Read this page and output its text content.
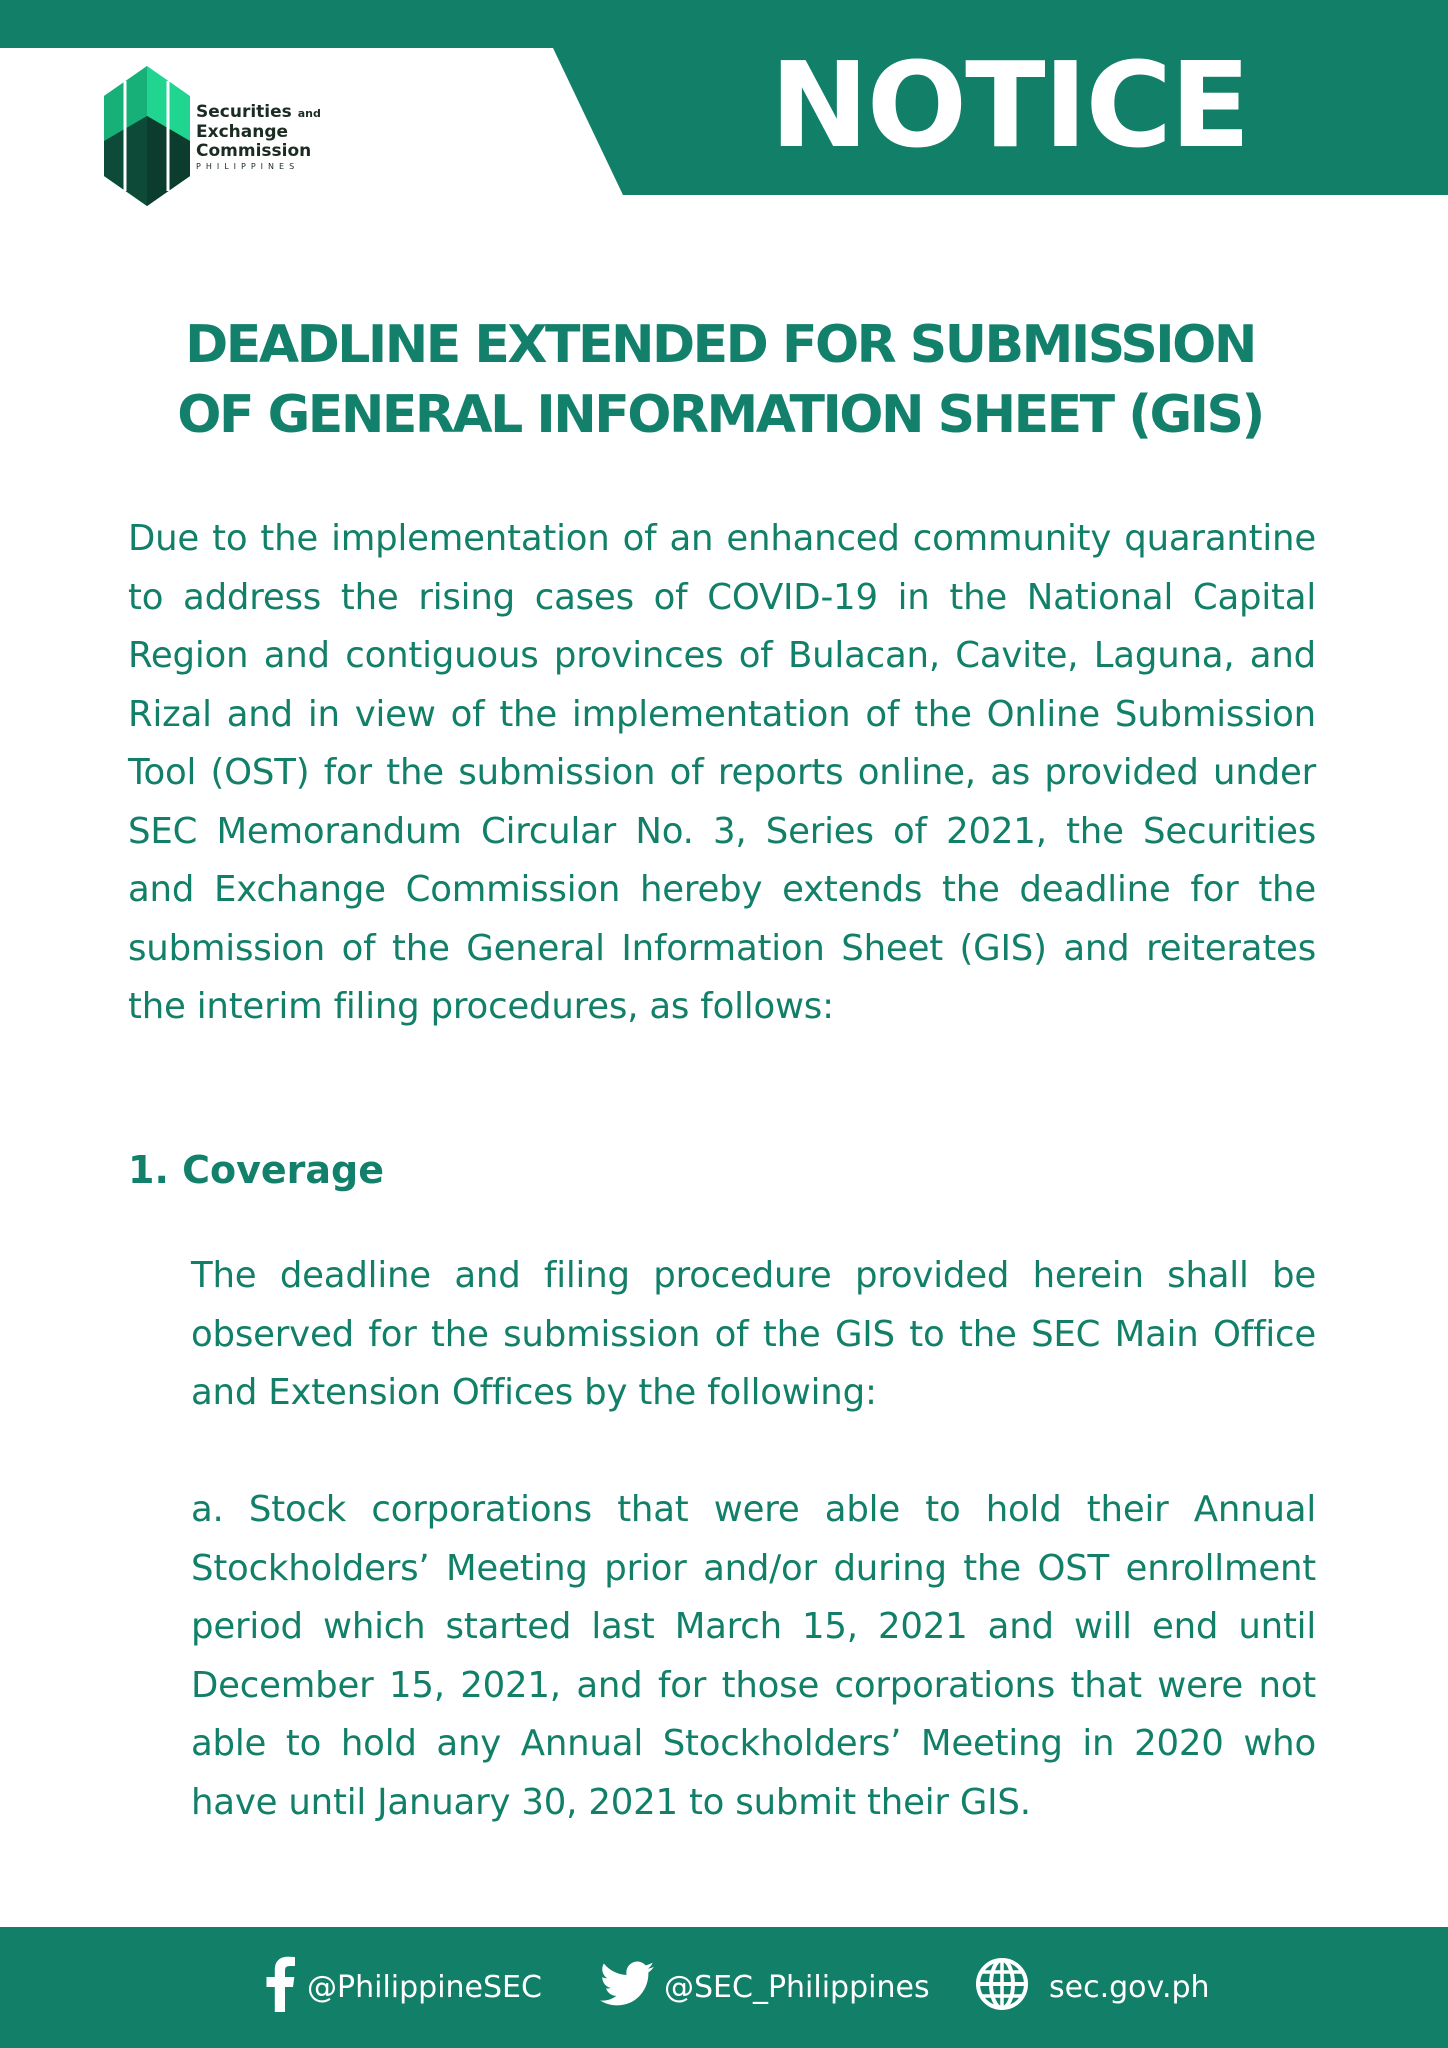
Securities and
Exchange
Commission
PHILIPPINES	NOTICE
DEADLINE EXTENDED FOR SUBMISSION
OF GENERAL INFORMATION SHEET (GIS)
Due to the implementation of an enhanced community quarantine to address the rising cases of COVID-19 in the National Capital Region and contiguous provinces of Bulacan, Cavite, Laguna, and Rizal and in view of the implementation of the Online Submission Tool (OST) for the submission of reports online, as provided under SEC Memorandum Circular No. 3, Series of 2021, the Securities and Exchange Commission hereby extends the deadline for the submission of the General Information Sheet (GIS) and reiterates the interim filing procedures, as follows:
1. Coverage
The deadline and filing procedure provided herein shall be observed for the submission of the GIS to the SEC Main Office and Extension Offices by the following:
a. Stock corporations that were able to hold their Annual Stockholders’ Meeting prior and/or during the OST enrollment period which started last March 15, 2021 and will end until December 15, 2021, and for those corporations that were not able to hold any Annual Stockholders’ Meeting in 2020 who have until January 30, 2021 to submit their GIS.
@PhilippineSEC	@SEC_Philippines	sec.gov.ph
